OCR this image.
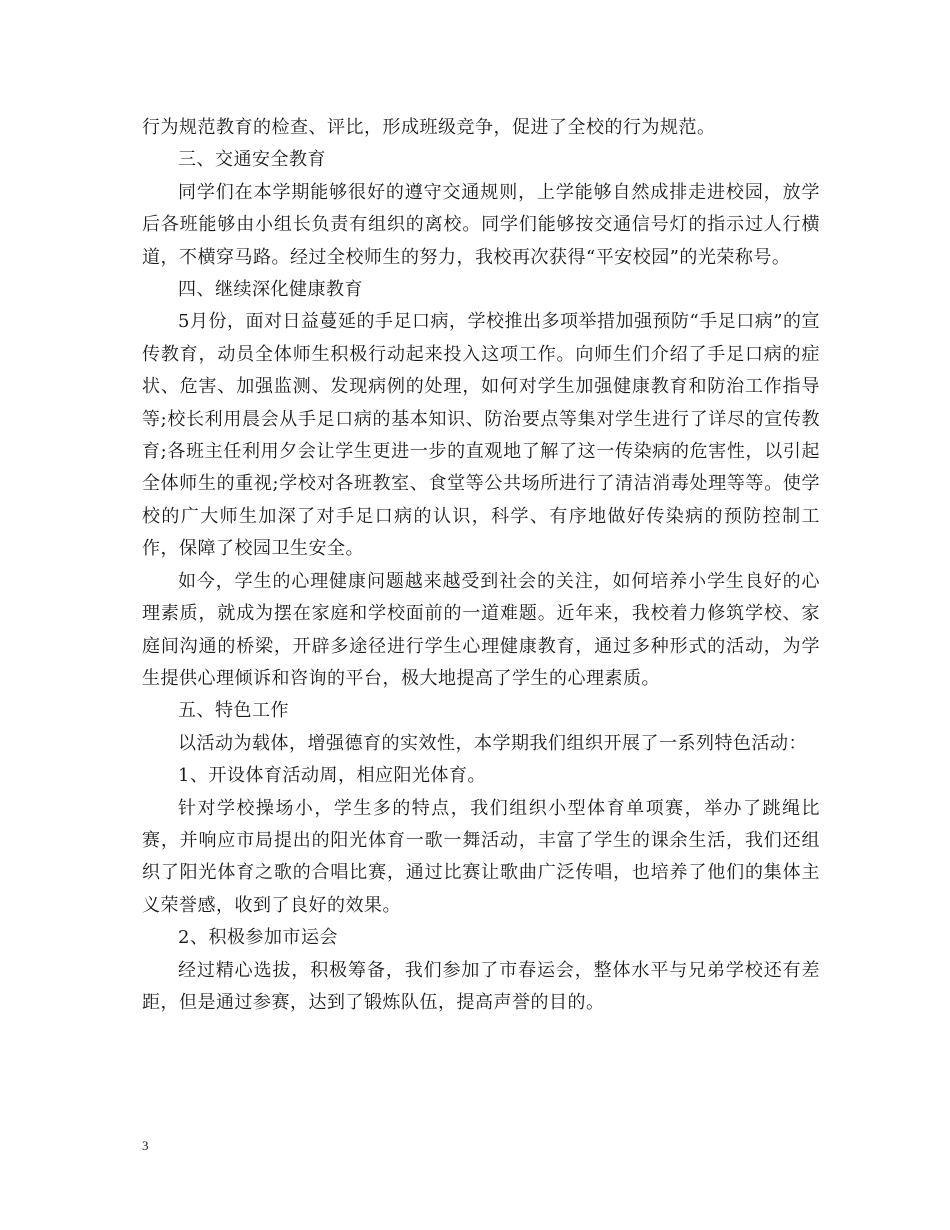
行为规范教育的检查、评比，形成班级竞争，促进了全校的行为规范。

三、交通安全教育

同学们在本学期能够很好的遵守交通规则，上学能够自然成排走进校园，放学后各班能够由小组长负责有组织的离校。同学们能够按交通信号灯的指示过人行横道，不横穿马路。经过全校师生的努力，我校再次获得“平安校园”的光荣称号。

四、继续深化健康教育

5月份，面对日益蔓延的手足口病，学校推出多项举措加强预防“手足口病”的宣传教育，动员全体师生积极行动起来投入这项工作。向师生们介绍了手足口病的症状、危害、加强监测、发现病例的处理，如何对学生加强健康教育和防治工作指导等;校长利用晨会从手足口病的基本知识、防治要点等集对学生进行了详尽的宣传教育;各班主任利用夕会让学生更进一步的直观地了解了这一传染病的危害性，以引起全体师生的重视;学校对各班教室、食堂等公共场所进行了清洁消毒处理等等。使学校的广大师生加深了对手足口病的认识，科学、有序地做好传染病的预防控制工作，保障了校园卫生安全。

如今，学生的心理健康问题越来越受到社会的关注，如何培养小学生良好的心理素质，就成为摆在家庭和学校面前的一道难题。近年来，我校着力修筑学校、家庭间沟通的桥梁，开辟多途径进行学生心理健康教育，通过多种形式的活动，为学生提供心理倾诉和咨询的平台，极大地提高了学生的心理素质。

五、特色工作

以活动为载体，增强德育的实效性，本学期我们组织开展了一系列特色活动：

1、开设体育活动周，相应阳光体育。

针对学校操场小，学生多的特点，我们组织小型体育单项赛，举办了跳绳比赛，并响应市局提出的阳光体育一歌一舞活动，丰富了学生的课余生活，我们还组织了阳光体育之歌的合唱比赛，通过比赛让歌曲广泛传唱，也培养了他们的集体主义荣誉感，收到了良好的效果。

2、积极参加市运会

经过精心选拔，积极筹备，我们参加了市春运会，整体水平与兄弟学校还有差距，但是通过参赛，达到了锻炼队伍，提高声誉的目的。

3
